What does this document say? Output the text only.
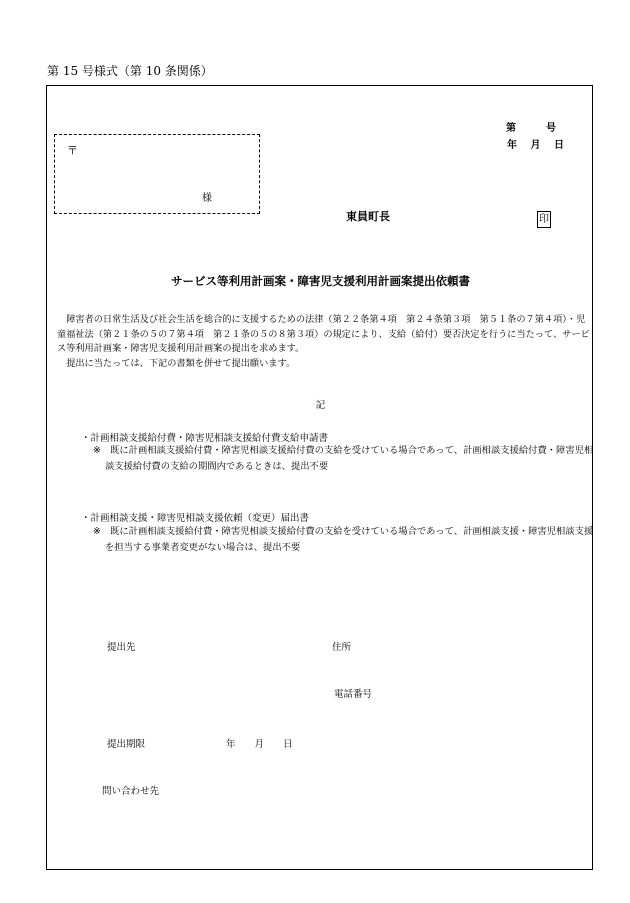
第 15 号様式（第 10 条関係）
〒
様
第　　　号
年　 月　 日
東員町長	印
サービス等利用計画案・障害児支援利用計画案提出依頼書

障害者の日常生活及び社会生活を総合的に支援するための法律（第２２条第４項　第２４条第３項　第５１条の７第４項）・児童福祉法（第２１条の５の７第４項　第２１条の５の８第３項）の規定により、支給（給付）要否決定を行うに当たって、サービス等利用計画案・障害児支援利用計画案の提出を求めます。

提出に当たっては、下記の書類を併せて提出願います。

記
・計画相談支援給付費・障害児相談支援給付費支給申請書
※　既に計画相談支援給付費・障害児相談支援給付費の支給を受けている場合であって、計画相談支援給付費・障害児相談支援給付費の支給の期間内であるときは、提出不要
・計画相談支援・障害児相談支援依頼（変更）届出書
※　既に計画相談支援給付費・障害児相談支援給付費の支給を受けている場合であって、計画相談支援・障害児相談支援を担当する事業者変更がない場合は、提出不要
提出先	住所
電話番号
提出期限	年　　月　　日
問い合わせ先
